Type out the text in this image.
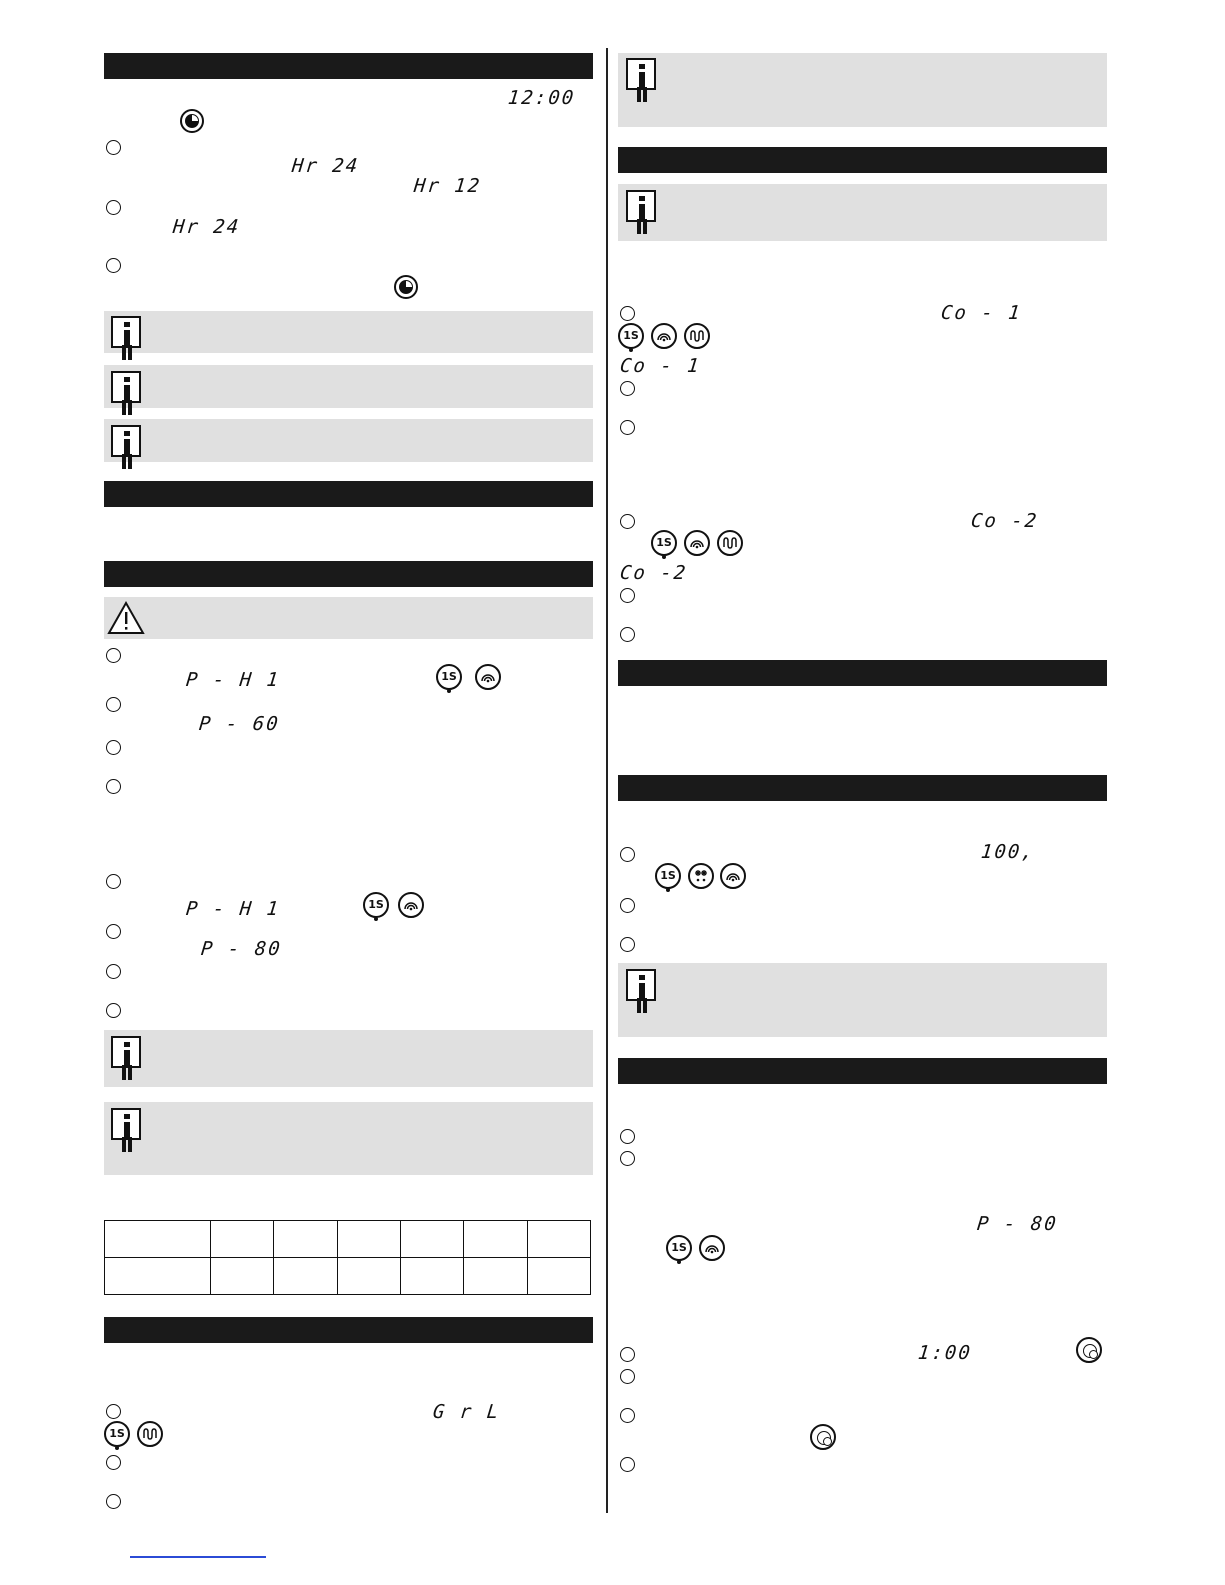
12:00
Hr 24
Hr 12
Hr 24
P - H 1	1S
P - 60
P - H 1	1S
P - 80

G r L
1S
Co - 1
1S
Co - 1
Co -2
1S
Co -2
100,
1S
P - 80
1S
1:00
